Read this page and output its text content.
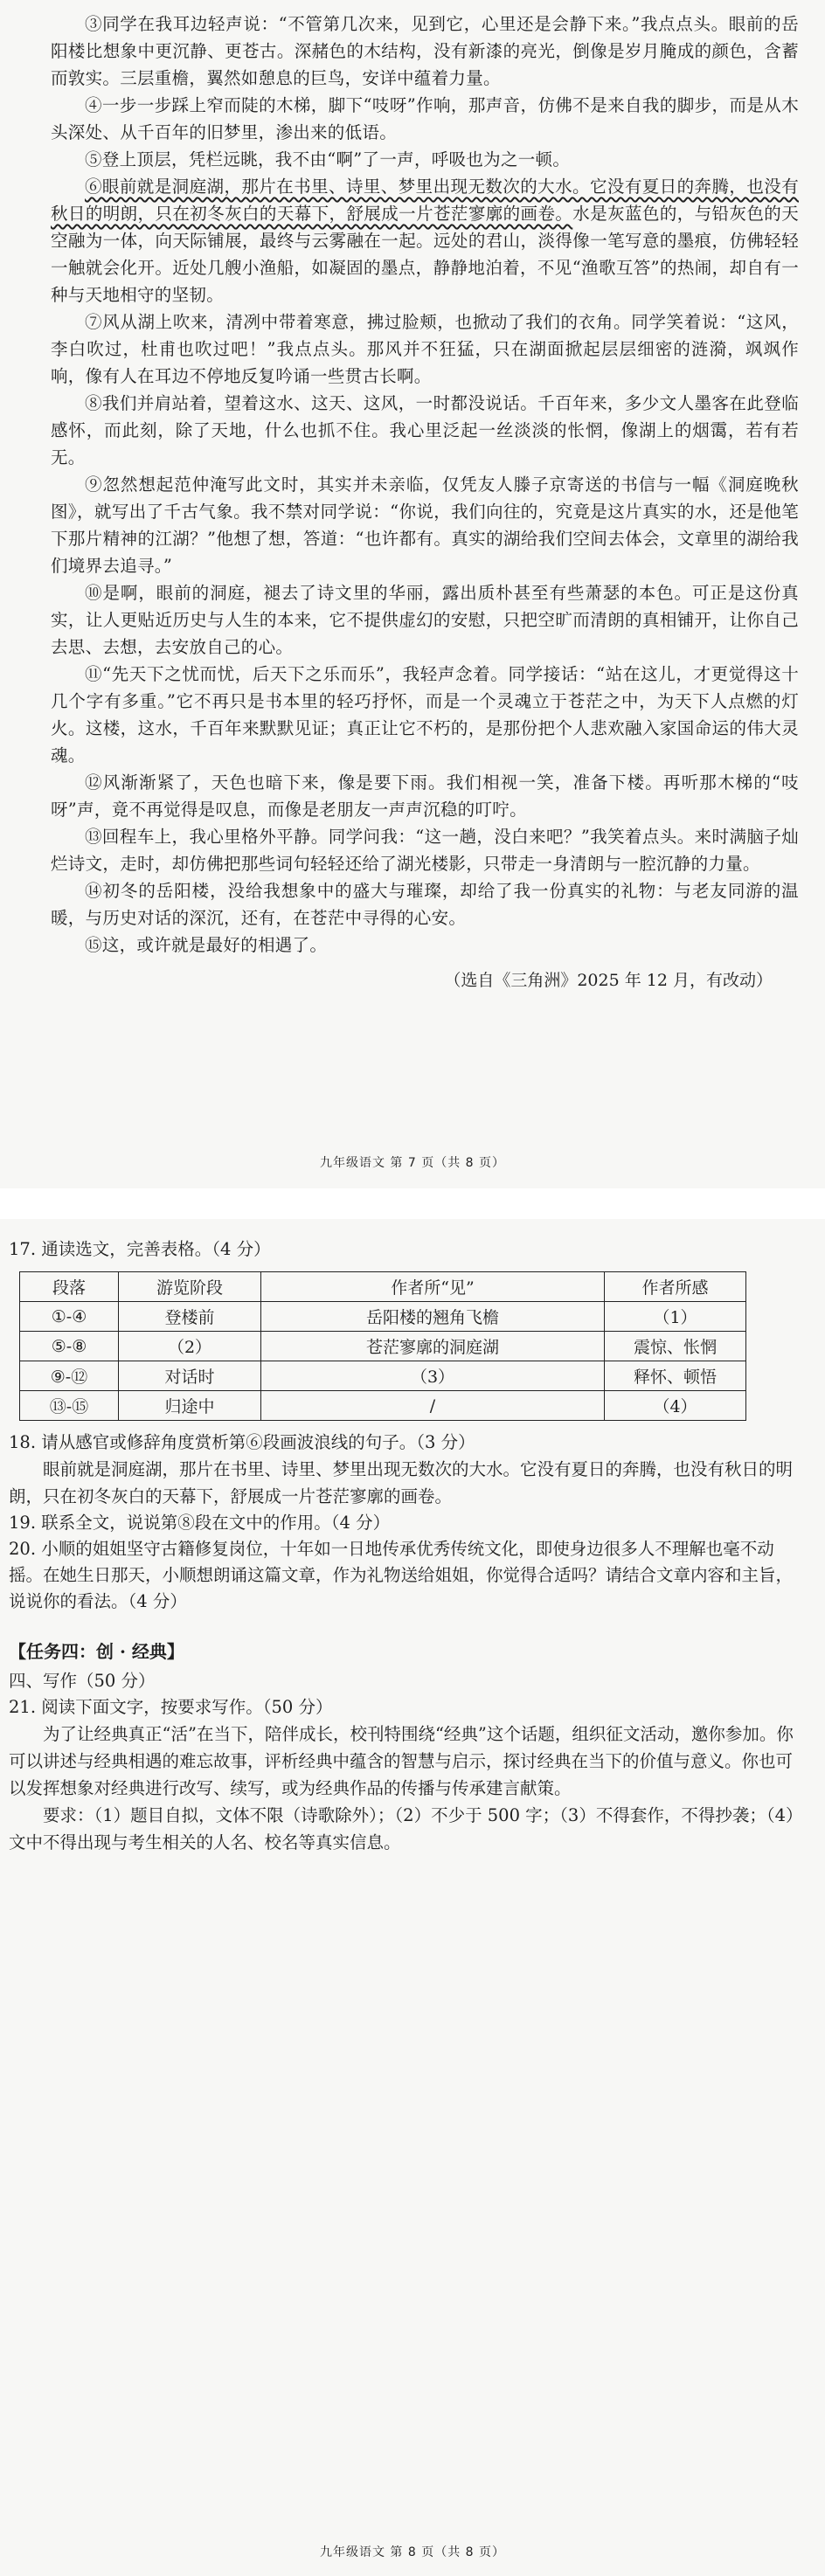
③同学在我耳边轻声说：“不管第几次来，见到它，心里还是会静下来。”我点点头。眼前的岳阳楼比想象中更沉静、更苍古。深赭色的木结构，没有新漆的亮光，倒像是岁月腌成的颜色，含蓄而敦实。三层重檐，翼然如憩息的巨鸟，安详中蕴着力量。

④一步一步踩上窄而陡的木梯，脚下“吱呀”作响，那声音，仿佛不是来自我的脚步，而是从木头深处、从千百年的旧梦里，渗出来的低语。

⑤登上顶层，凭栏远眺，我不由“啊”了一声，呼吸也为之一顿。

⑥眼前就是洞庭湖，那片在书里、诗里、梦里出现无数次的大水。它没有夏日的奔腾，也没有秋日的明朗，只在初冬灰白的天幕下，舒展成一片苍茫寥廓的画卷。水是灰蓝色的，与铅灰色的天空融为一体，向天际铺展，最终与云雾融在一起。远处的君山，淡得像一笔写意的墨痕，仿佛轻轻一触就会化开。近处几艘小渔船，如凝固的墨点，静静地泊着，不见“渔歌互答”的热闹，却自有一种与天地相守的坚韧。

⑦风从湖上吹来，清冽中带着寒意，拂过脸颊，也掀动了我们的衣角。同学笑着说：“这风，李白吹过，杜甫也吹过吧！”我点点头。那风并不狂猛，只在湖面掀起层层细密的涟漪，飒飒作响，像有人在耳边不停地反复吟诵一些贯古长啊。

⑧我们并肩站着，望着这水、这天、这风，一时都没说话。千百年来，多少文人墨客在此登临感怀，而此刻，除了天地，什么也抓不住。我心里泛起一丝淡淡的怅惘，像湖上的烟霭，若有若无。

⑨忽然想起范仲淹写此文时，其实并未亲临，仅凭友人滕子京寄送的书信与一幅《洞庭晚秋图》，就写出了千古气象。我不禁对同学说：“你说，我们向往的，究竟是这片真实的水，还是他笔下那片精神的江湖？”他想了想，答道：“也许都有。真实的湖给我们空间去体会，文章里的湖给我们境界去追寻。”

⑩是啊，眼前的洞庭，褪去了诗文里的华丽，露出质朴甚至有些萧瑟的本色。可正是这份真实，让人更贴近历史与人生的本来，它不提供虚幻的安慰，只把空旷而清朗的真相铺开，让你自己去思、去想，去安放自己的心。

⑪“先天下之忧而忧，后天下之乐而乐”，我轻声念着。同学接话：“站在这儿，才更觉得这十几个字有多重。”它不再只是书本里的轻巧抒怀，而是一个灵魂立于苍茫之中，为天下人点燃的灯火。这楼，这水，千百年来默默见证；真正让它不朽的，是那份把个人悲欢融入家国命运的伟大灵魂。

⑫风渐渐紧了，天色也暗下来，像是要下雨。我们相视一笑，准备下楼。再听那木梯的“吱呀”声，竟不再觉得是叹息，而像是老朋友一声声沉稳的叮咛。

⑬回程车上，我心里格外平静。同学问我：“这一趟，没白来吧？”我笑着点头。来时满脑子灿烂诗文，走时，却仿佛把那些词句轻轻还给了湖光楼影，只带走一身清朗与一腔沉静的力量。

⑭初冬的岳阳楼，没给我想象中的盛大与璀璨，却给了我一份真实的礼物：与老友同游的温暖，与历史对话的深沉，还有，在苍茫中寻得的心安。

⑮这，或许就是最好的相遇了。

（选自《三角洲》2025 年 12 月，有改动）
九年级语文 第 7 页（共 8 页）

17. 通读选文，完善表格。（4 分）

段落	游览阶段	作者所“见”	作者所感
①-④	登楼前	岳阳楼的翘角飞檐	（1）
⑤-⑧	（2）	苍茫寥廓的洞庭湖	震惊、怅惘
⑨-⑫	对话时	（3）	释怀、顿悟
⑬-⑮	归途中	/	（4）

18. 请从感官或修辞角度赏析第⑥段画波浪线的句子。（3 分）

眼前就是洞庭湖，那片在书里、诗里、梦里出现无数次的大水。它没有夏日的奔腾，也没有秋日的明朗，只在初冬灰白的天幕下，舒展成一片苍茫寥廓的画卷。

19. 联系全文，说说第⑧段在文中的作用。（4 分）

20. 小顺的姐姐坚守古籍修复岗位，十年如一日地传承优秀传统文化，即使身边很多人不理解也毫不动摇。在她生日那天，小顺想朗诵这篇文章，作为礼物送给姐姐，你觉得合适吗？请结合文章内容和主旨，说说你的看法。（4 分）

【任务四：创 · 经典】

四、写作（50 分）

21. 阅读下面文字，按要求写作。（50 分）

为了让经典真正“活”在当下，陪伴成长，校刊特围绕“经典”这个话题，组织征文活动，邀你参加。你可以讲述与经典相遇的难忘故事，评析经典中蕴含的智慧与启示，探讨经典在当下的价值与意义。你也可以发挥想象对经典进行改写、续写，或为经典作品的传播与传承建言献策。

要求：（1）题目自拟，文体不限（诗歌除外）；（2）不少于 500 字；（3）不得套作，不得抄袭；（4）文中不得出现与考生相关的人名、校名等真实信息。

九年级语文 第 8 页（共 8 页）
